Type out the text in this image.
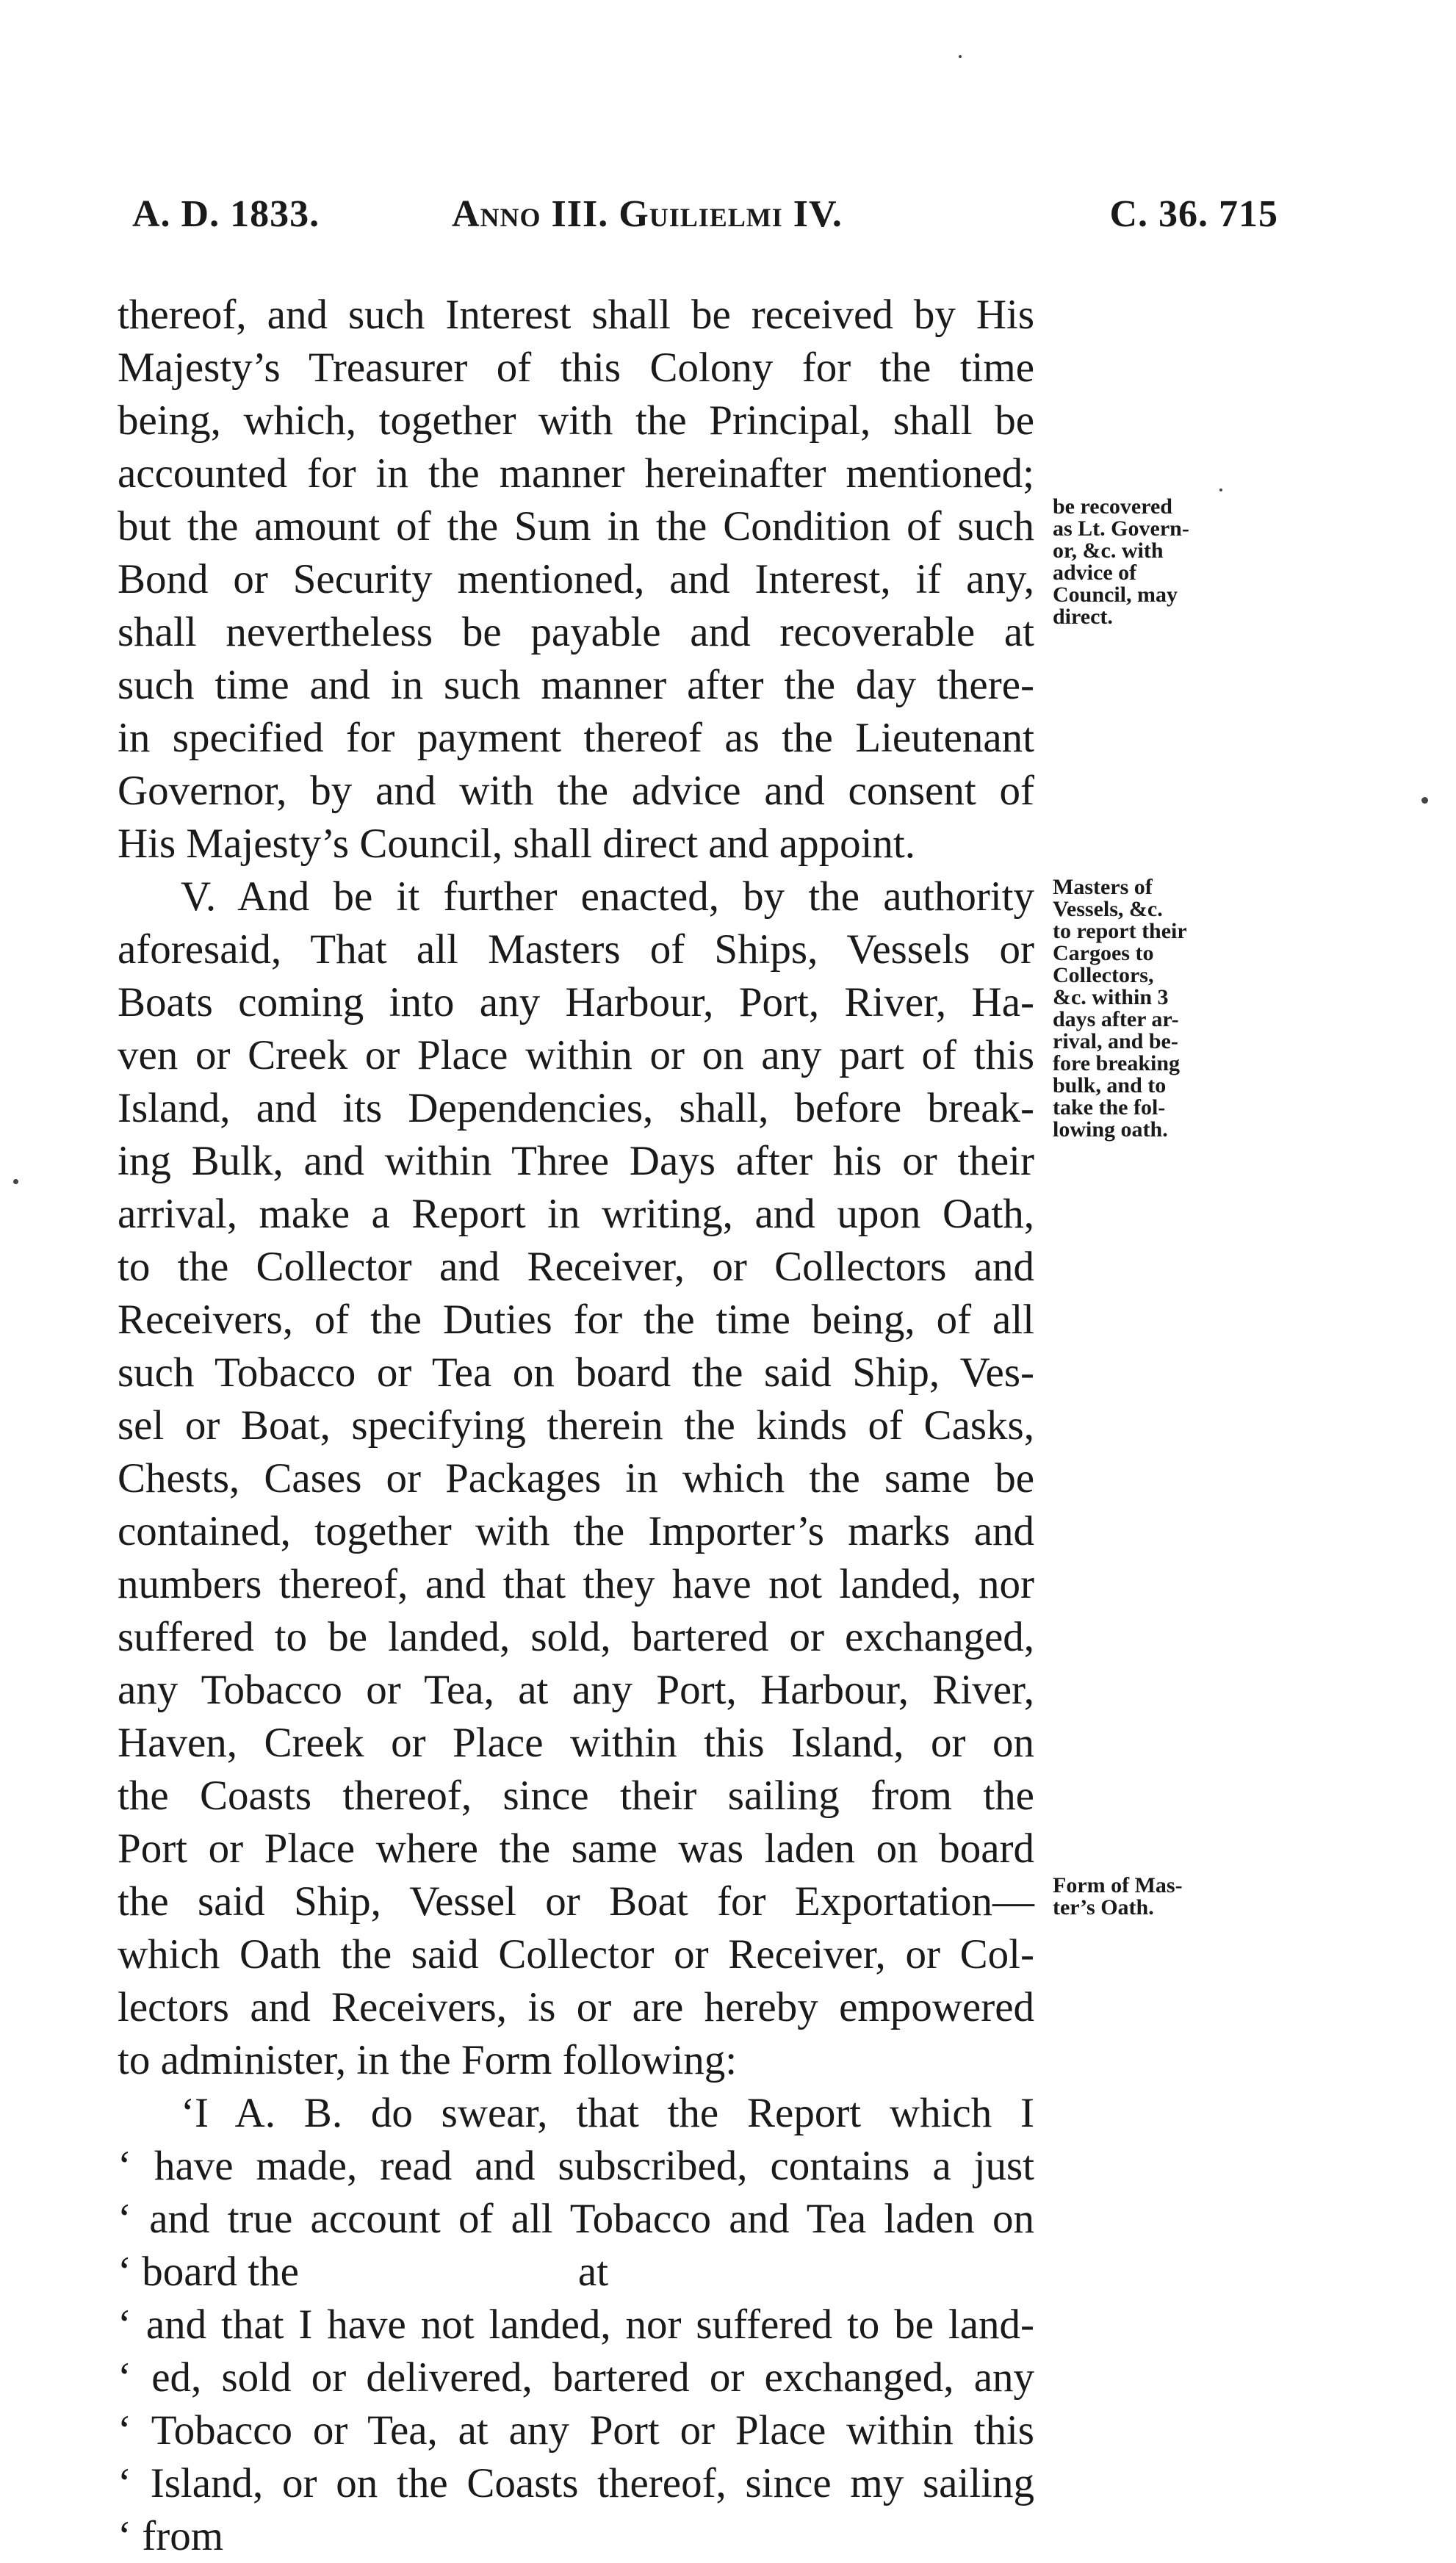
A. D. 1833.	Anno III. Guilielmi IV.	C. 36. 715
thereof, and such Interest shall be received by His
Majesty’s Treasurer of this Colony for the time
being, which, together with the Principal, shall be
accounted for in the manner hereinafter mentioned;
but the amount of the Sum in the Condition of such
Bond or Security mentioned, and Interest, if any,
shall nevertheless be payable and recoverable at
such time and in such manner after the day there-
in specified for payment thereof as the Lieutenant
Governor, by and with the advice and consent of
His Majesty’s Council, shall direct and appoint.
V. And be it further enacted, by the authority
aforesaid, That all Masters of Ships, Vessels or
Boats coming into any Harbour, Port, River, Ha-
ven or Creek or Place within or on any part of this
Island, and its Dependencies, shall, before break-
ing Bulk, and within Three Days after his or their
arrival, make a Report in writing, and upon Oath,
to the Collector and Receiver, or Collectors and
Receivers, of the Duties for the time being, of all
such Tobacco or Tea on board the said Ship, Ves-
sel or Boat, specifying therein the kinds of Casks,
Chests, Cases or Packages in which the same be
contained, together with the Importer’s marks and
numbers thereof, and that they have not landed, nor
suffered to be landed, sold, bartered or exchanged,
any Tobacco or Tea, at any Port, Harbour, River,
Haven, Creek or Place within this Island, or on
the Coasts thereof, since their sailing from the
Port or Place where the same was laden on board
the said Ship, Vessel or Boat for Exportation—
which Oath the said Collector or Receiver, or Col-
lectors and Receivers, is or are hereby empowered
to administer, in the Form following:
‘I A. B. do swear, that the Report which I
‘ have made, read and subscribed, contains a just
‘ and true account of all Tobacco and Tea laden on
‘ board the	at
‘ and that I have not landed, nor suffered to be land-
‘ ed, sold or delivered, bartered or exchanged, any
‘ Tobacco or Tea, at any Port or Place within this
‘ Island, or on the Coasts thereof, since my sailing
‘ from
be recovered
as Lt. Govern-
or, &c. with
advice of
Council, may
direct.
Masters of
Vessels, &c.
to report their
Cargoes to
Collectors,
&c. within 3
days after ar-
rival, and be-
fore breaking
bulk, and to
take the fol-
lowing oath.
Form of Mas-
ter’s Oath.
